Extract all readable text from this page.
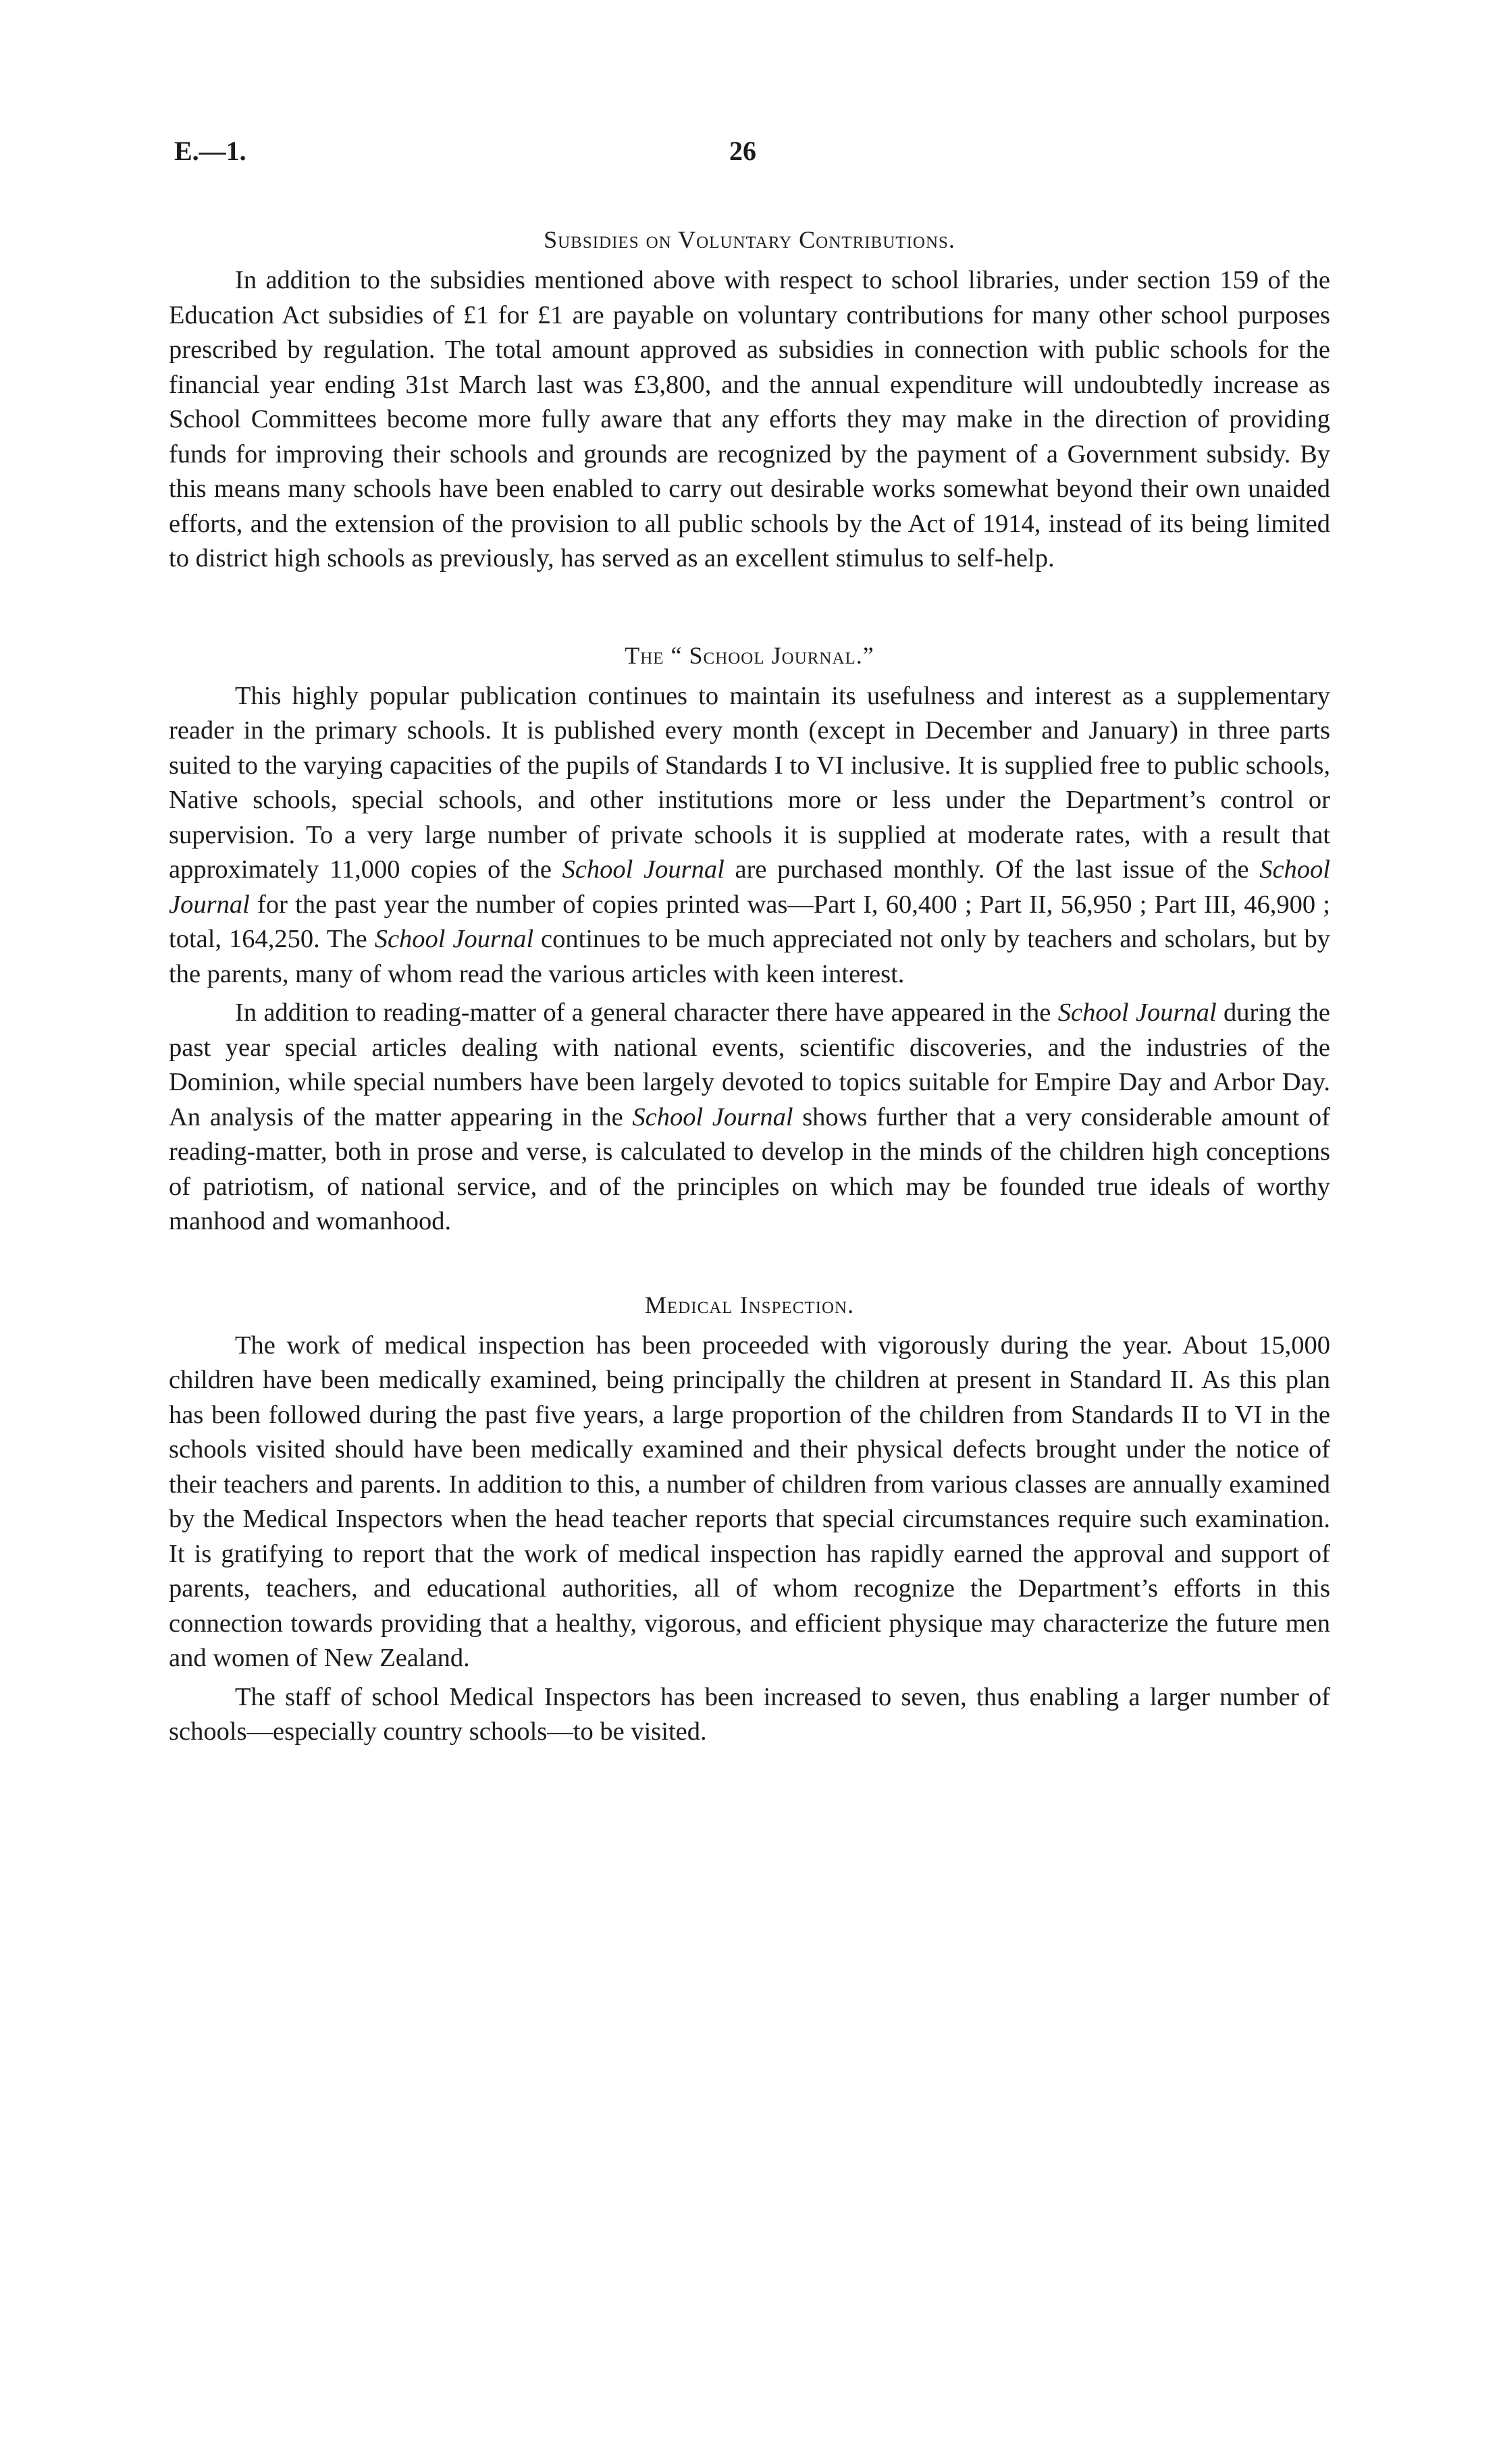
E.—1.	26
Subsidies on Voluntary Contributions.

In addition to the subsidies mentioned above with respect to school libraries, under section 159 of the Education Act subsidies of £1 for £1 are payable on voluntary contributions for many other school purposes prescribed by regulation. The total amount approved as subsidies in connection with public schools for the financial year ending 31st March last was £3,800, and the annual expenditure will undoubtedly increase as School Committees become more fully aware that any efforts they may make in the direction of providing funds for improving their schools and grounds are recognized by the payment of a Government subsidy. By this means many schools have been enabled to carry out desirable works somewhat beyond their own unaided efforts, and the extension of the provision to all public schools by the Act of 1914, instead of its being limited to district high schools as previously, has served as an excellent stimulus to self-help.

The “ School Journal.”

This highly popular publication continues to maintain its usefulness and interest as a supplementary reader in the primary schools. It is published every month (except in December and January) in three parts suited to the varying capacities of the pupils of Standards I to VI inclusive. It is supplied free to public schools, Native schools, special schools, and other institutions more or less under the Department’s control or supervision. To a very large number of private schools it is supplied at moderate rates, with a result that approximately 11,000 copies of the School Journal are purchased monthly. Of the last issue of the School Journal for the past year the number of copies printed was—Part I, 60,400 ; Part II, 56,950 ; Part III, 46,900 ; total, 164,250. The School Journal continues to be much appreciated not only by teachers and scholars, but by the parents, many of whom read the various articles with keen interest.

In addition to reading-matter of a general character there have appeared in the School Journal during the past year special articles dealing with national events, scientific discoveries, and the industries of the Dominion, while special numbers have been largely devoted to topics suitable for Empire Day and Arbor Day. An analysis of the matter appearing in the School Journal shows further that a very considerable amount of reading-matter, both in prose and verse, is calculated to develop in the minds of the children high conceptions of patriotism, of national service, and of the principles on which may be founded true ideals of worthy manhood and womanhood.

Medical Inspection.

The work of medical inspection has been proceeded with vigorously during the year. About 15,000 children have been medically examined, being principally the children at present in Standard II. As this plan has been followed during the past five years, a large proportion of the children from Standards II to VI in the schools visited should have been medically examined and their physical defects brought under the notice of their teachers and parents. In addition to this, a number of children from various classes are annually examined by the Medical Inspectors when the head teacher reports that special circumstances require such examination. It is gratifying to report that the work of medical inspection has rapidly earned the approval and support of parents, teachers, and educational authorities, all of whom recognize the Department’s efforts in this connection towards providing that a healthy, vigorous, and efficient physique may characterize the future men and women of New Zealand.

The staff of school Medical Inspectors has been increased to seven, thus enabling a larger number of schools—especially country schools—to be visited.
